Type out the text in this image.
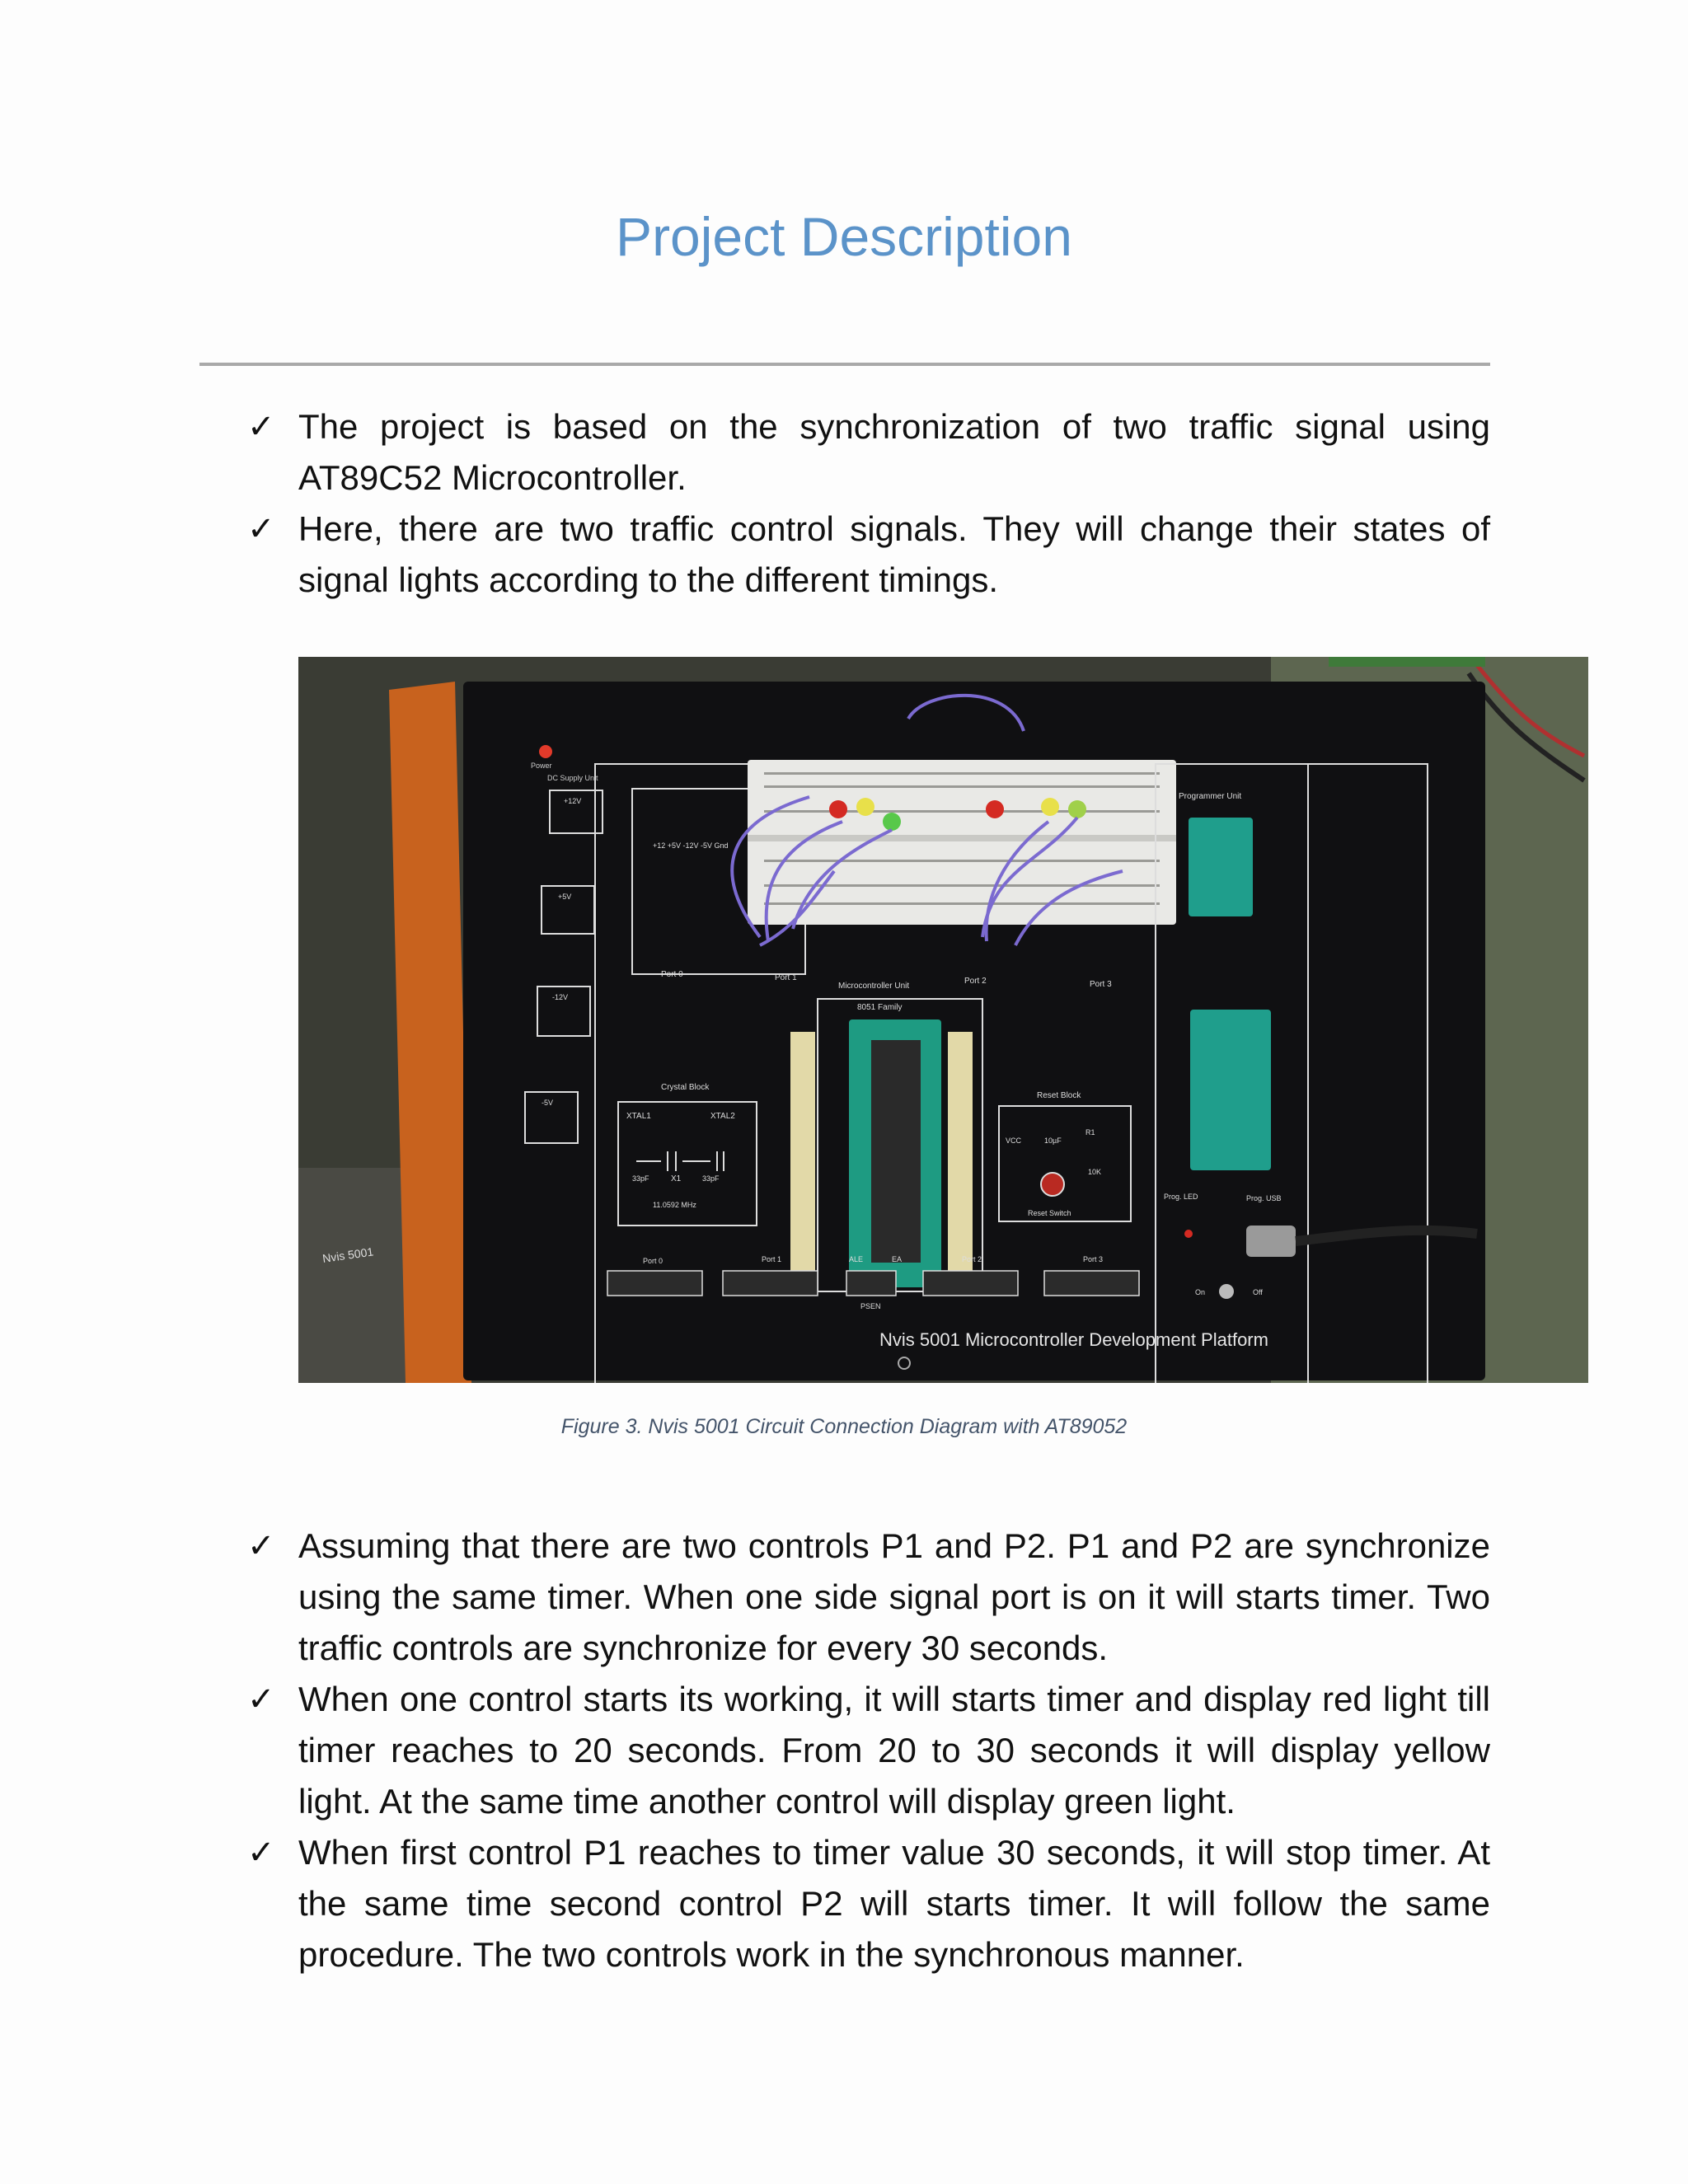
Project Description
✓ The project is based on the synchronization of two traffic signal using AT89C52 Microcontroller.
✓ Here, there are two traffic control signals. They will change their states of signal lights according to the different timings.
Nvis 5001
Power
DC Supply Unit
+12V
+5V
-12V
-5V
+12 +5V -12V -5V Gnd
Port 0	Port 1	Port 2	Port 3
Microcontroller Unit
8051 Family
Crystal Block
XTAL1	XTAL2
X1
33pF	33pF
11.0592 MHz
Reset Block
VCC	10µF
R1
10K
Reset Switch
Programmer Unit
Prog. LED	Prog. USB
On	Off
Port 0	Port 1	ALE	EA
PSEN
Port 2	Port 3
Nvis 5001 Microcontroller Development Platform
Figure 3. Nvis 5001 Circuit Connection Diagram with AT89052
✓ Assuming that there are two controls P1 and P2. P1 and P2 are synchronize using the same timer. When one side signal port is on it will starts timer. Two traffic controls are synchronize for every 30 seconds.
✓ When one control starts its working, it will starts timer and display red light till timer reaches to 20 seconds. From 20 to 30 seconds it will display yellow light. At the same time another control will display green light.
✓ When first control P1 reaches to timer value 30 seconds, it will stop timer. At the same time second control P2 will starts timer. It will follow the same procedure. The two controls work in the synchronous manner.
